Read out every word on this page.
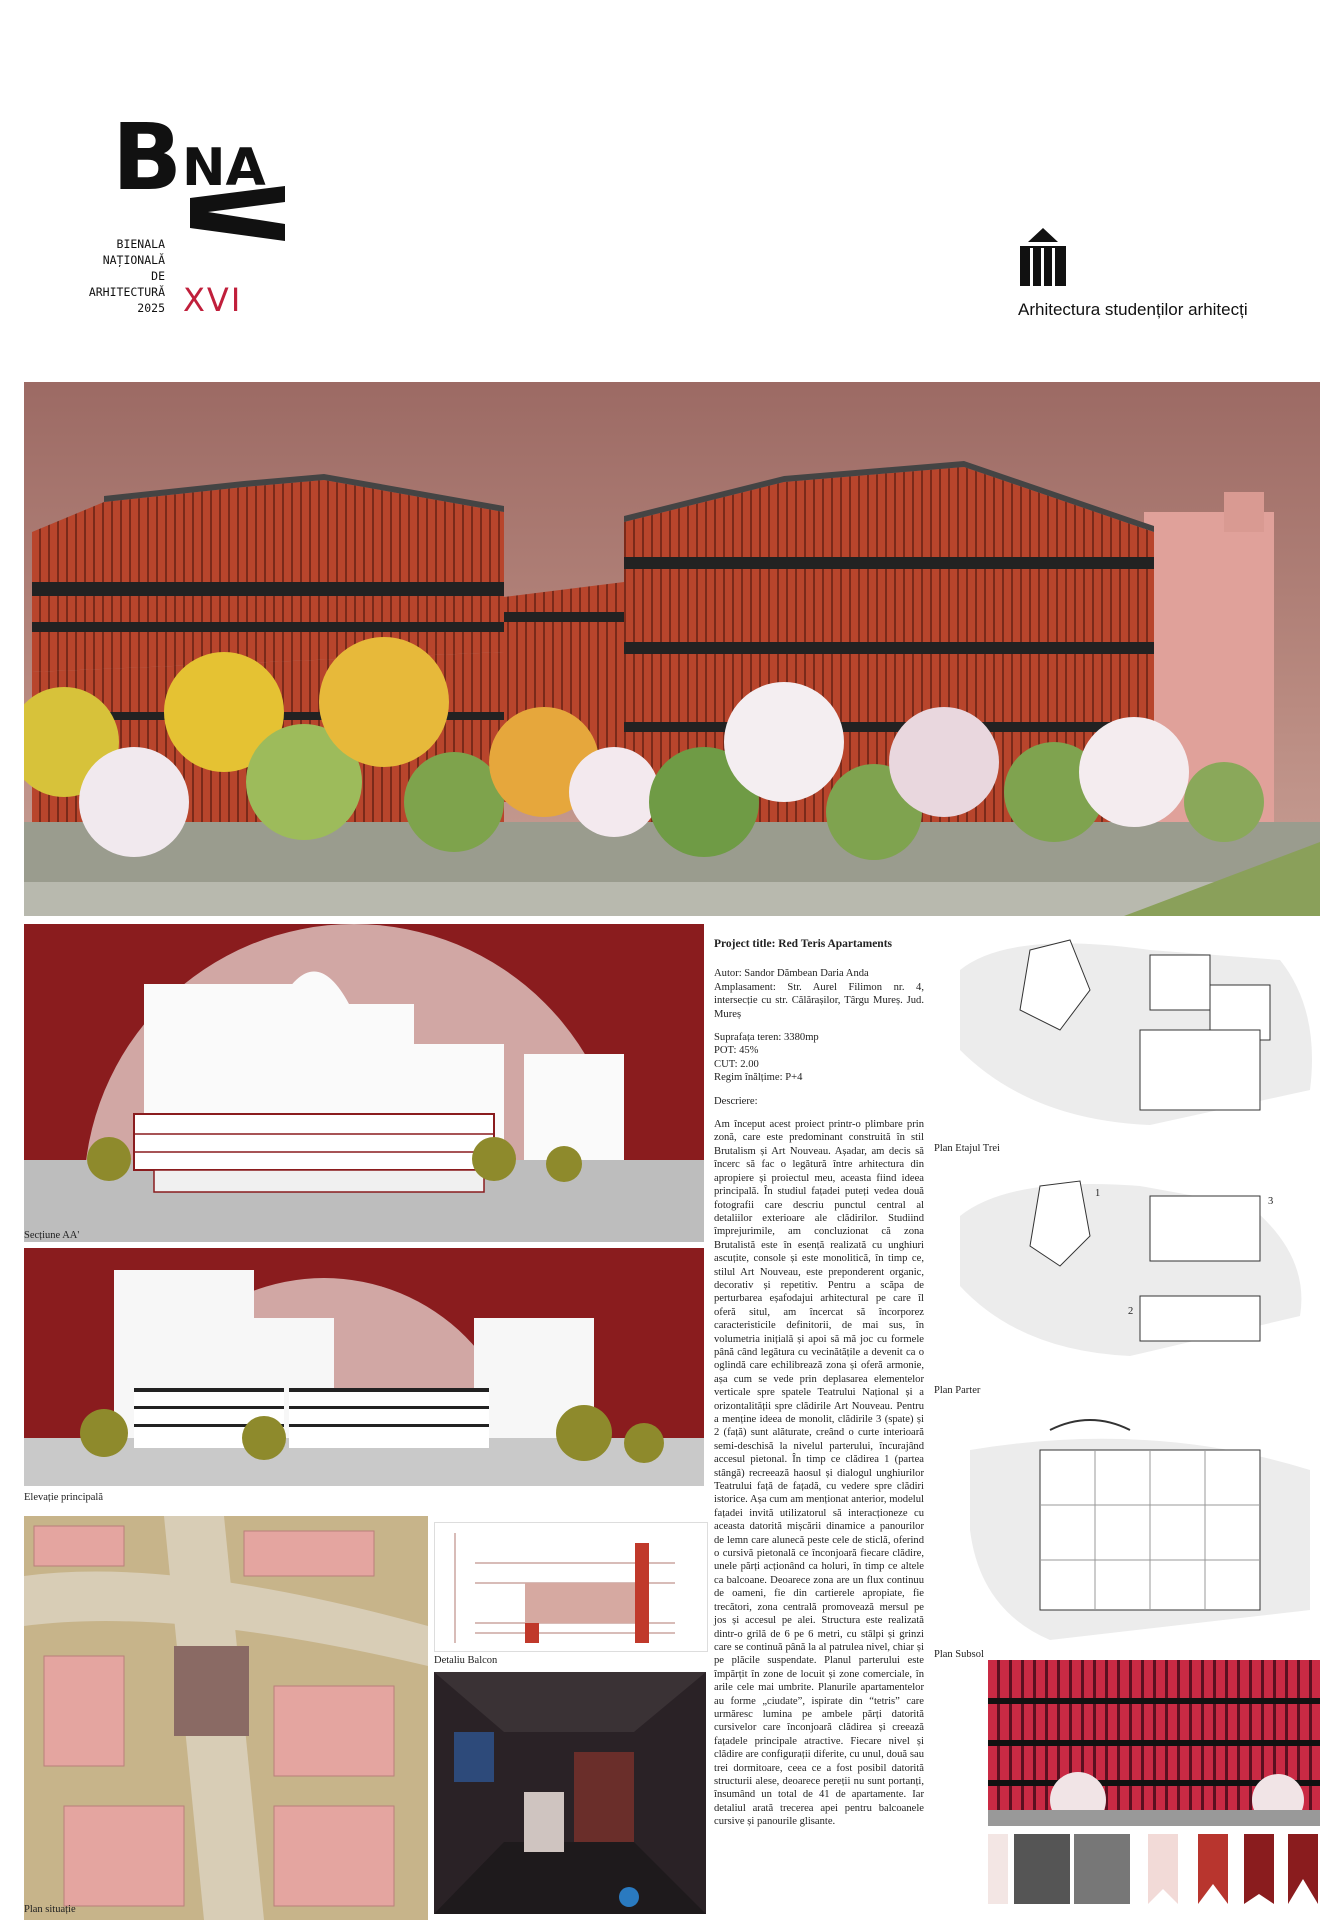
B NA
BIENALA
NAȚIONALĂ
DE
ARHITECTURĂ
2025 XVI	Arhitectura studenților arhitecți
Secțiune AA'
Elevație principală
Plan situație
Detaliu Balcon

Project title: Red Teris Apartaments

Autor: Sandor Dămbean Daria Anda

Amplasament: Str. Aurel Filimon nr. 4, intersecție cu str. Călărașilor, Târgu Mureș. Jud. Mureș

Suprafața teren: 3380mp

POT: 45%

CUT: 2.00

Regim înălțime: P+4

Descriere:

Am început acest proiect printr-o plimbare prin zonă, care este predominant construită în stil Brutalism și Art Nouveau. Așadar, am decis să încerc să fac o legătură între arhitectura din apropiere și proiectul meu, aceasta fiind ideea principală. În studiul fațadei puteți vedea două fotografii care descriu punctul central al detaliilor exterioare ale clădirilor. Studiind împrejurimile, am concluzionat că zona Brutalistă este în esență realizată cu unghiuri ascuțite, console și este monolitică, în timp ce, stilul Art Nouveau, este preponderent organic, decorativ și repetitiv. Pentru a scăpa de perturbarea eșafodajui arhitectural pe care îl oferă situl, am încercat să încorporez caracteristicile definitorii, de mai sus, în volumetria inițială și apoi să mă joc cu formele până când legătura cu vecinătățile a devenit ca o oglindă care echilibrează zona și oferă armonie, așa cum se vede prin deplasarea elementelor verticale spre spatele Teatrului Național și a orizontalității spre clădirile Art Nouveau. Pentru a menține ideea de monolit, clădirile 3 (spate) și 2 (față) sunt alăturate, creând o curte interioară semi-deschisă la nivelul parterului, încurajând accesul pietonal. În timp ce clădirea 1 (partea stângă) recreează haosul și dialogul unghiurilor Teatrului față de fațadă, cu vedere spre clădiri istorice. Așa cum am menționat anterior, modelul fațadei invită utilizatorul să interacționeze cu aceasta datorită mișcării dinamice a panourilor de lemn care alunecă peste cele de sticlă, oferind o cursivă pietonală ce înconjoară fiecare clădire, unele părți acționând ca holuri, în timp ce altele ca balcoane. Deoarece zona are un flux continuu de oameni, fie din cartierele apropiate, fie trecători, zona centrală promovează mersul pe jos și accesul pe alei. Structura este realizată dintr-o grilă de 6 pe 6 metri, cu stâlpi și grinzi care se continuă până la al patrulea nivel, chiar și pe plăcile suspendate. Planul parterului este împărțit în zone de locuit și zone comerciale, în arile cele mai umbrite. Planurile apartamentelor au forme „ciudate”, ispirate din “tetris” care urmăresc lumina pe ambele părți datorită cursivelor care înconjoară clădirea și creează fațadele principale atractive. Fiecare nivel și clădire are configurații diferite, cu unul, două sau trei dormitoare, ceea ce a fost posibil datorită structurii alese, deoarece pereții nu sunt portanți, însumând un total de 41 de apartamente. Iar detaliul arată trecerea apei pentru balcoanele cursive și panourile glisante.

Plan Etajul Trei
1
3
2
Plan Parter
Plan Subsol
